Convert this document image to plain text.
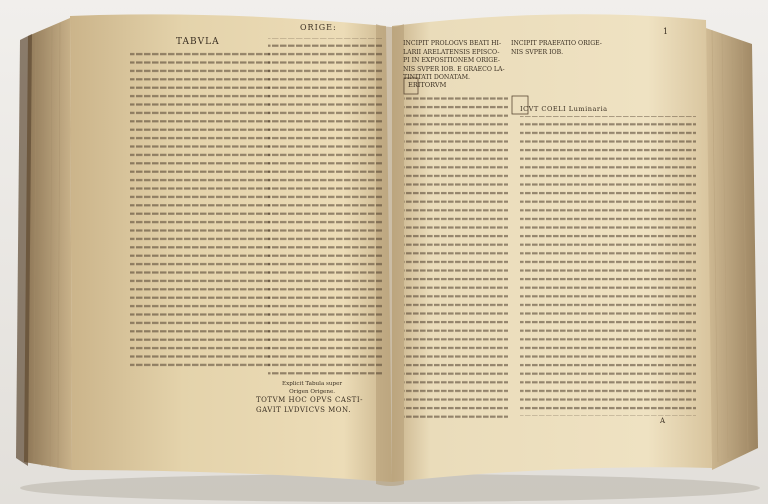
TABVLA
ORIGE:	1
INCIPIT PROLOGVS BEATI HI-
LARII ARELATENSIS EPISCO-
PI IN EXPOSITIONEM ORIGE-
NIS SVPER IOB. E GRAECO LA-
TINITATI DONATAM.
INCIPIT PRAEFATIO ORIGE-
NIS SVPER IOB.
ERITORVM
ICVT COELI Luminaria
Explicit Tabula super
Origen Origene.
TOTVM HOC OPVS CASTI-
GAVIT LVDVICVS MON.
A
